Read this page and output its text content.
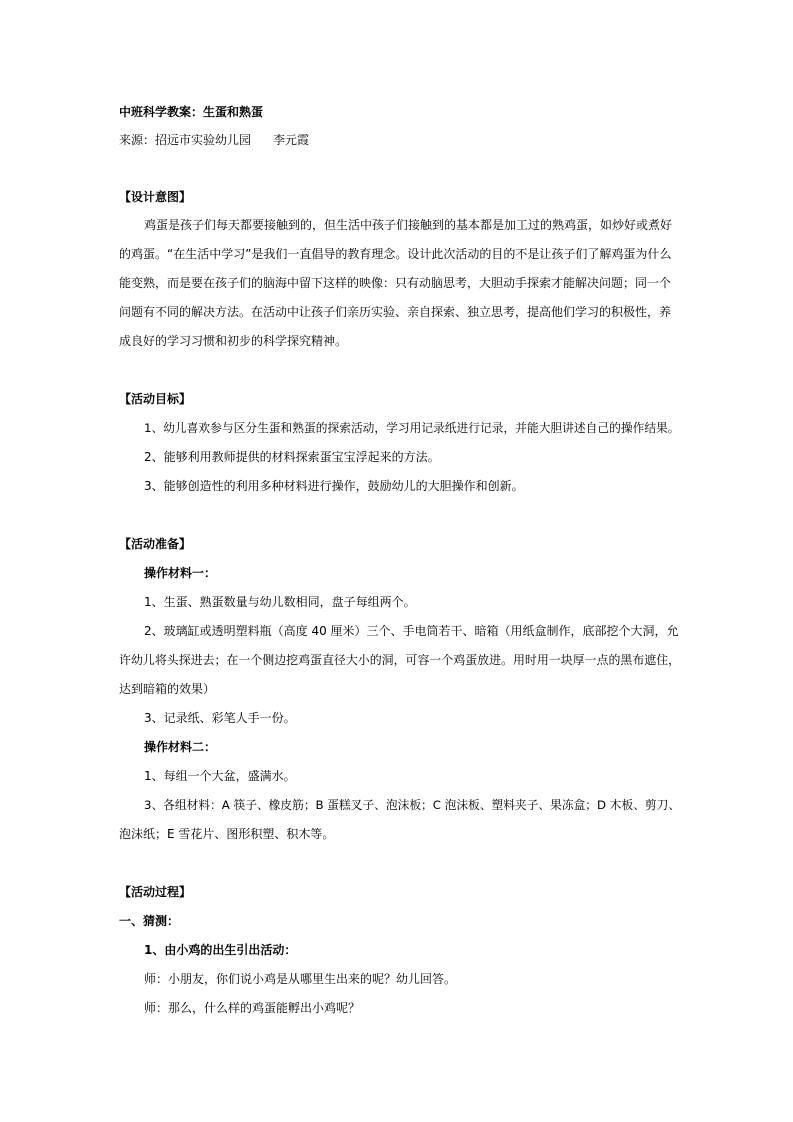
中班科学教案：生蛋和熟蛋
来源：招远市实验幼儿园 李元霞
【设计意图】
鸡蛋是孩子们每天都要接触到的，但生活中孩子们接触到的基本都是加工过的熟鸡蛋，如炒好或煮好
的鸡蛋。“在生活中学习”是我们一直倡导的教育理念。设计此次活动的目的不是让孩子们了解鸡蛋为什么
能变熟，而是要在孩子们的脑海中留下这样的映像：只有动脑思考，大胆动手探索才能解决问题；同一个
问题有不同的解决方法。在活动中让孩子们亲历实验、亲自探索、独立思考，提高他们学习的积极性，养
成良好的学习习惯和初步的科学探究精神。
【活动目标】
1、幼儿喜欢参与区分生蛋和熟蛋的探索活动，学习用记录纸进行记录，并能大胆讲述自己的操作结果。
2、能够利用教师提供的材料探索蛋宝宝浮起来的方法。
3、能够创造性的利用多种材料进行操作，鼓励幼儿的大胆操作和创新。
【活动准备】
操作材料一：
1、生蛋、熟蛋数量与幼儿数相同，盘子每组两个。
2、玻璃缸或透明塑料瓶（高度 40 厘米）三个、手电筒若干、暗箱（用纸盒制作，底部挖个大洞，允
许幼儿将头探进去；在一个侧边挖鸡蛋直径大小的洞，可容一个鸡蛋放进。用时用一块厚一点的黑布遮住，
达到暗箱的效果）
3、记录纸、彩笔人手一份。
操作材料二：
1、每组一个大盆，盛满水。
3、各组材料：A 筷子、橡皮筋；B 蛋糕叉子、泡沫板；C 泡沫板、塑料夹子、果冻盒；D 木板、剪刀、
泡沫纸；E 雪花片、图形积塑、积木等。
【活动过程】
一、猜测：
1、由小鸡的出生引出活动：
师：小朋友，你们说小鸡是从哪里生出来的呢？幼儿回答。
师：那么，什么样的鸡蛋能孵出小鸡呢？
